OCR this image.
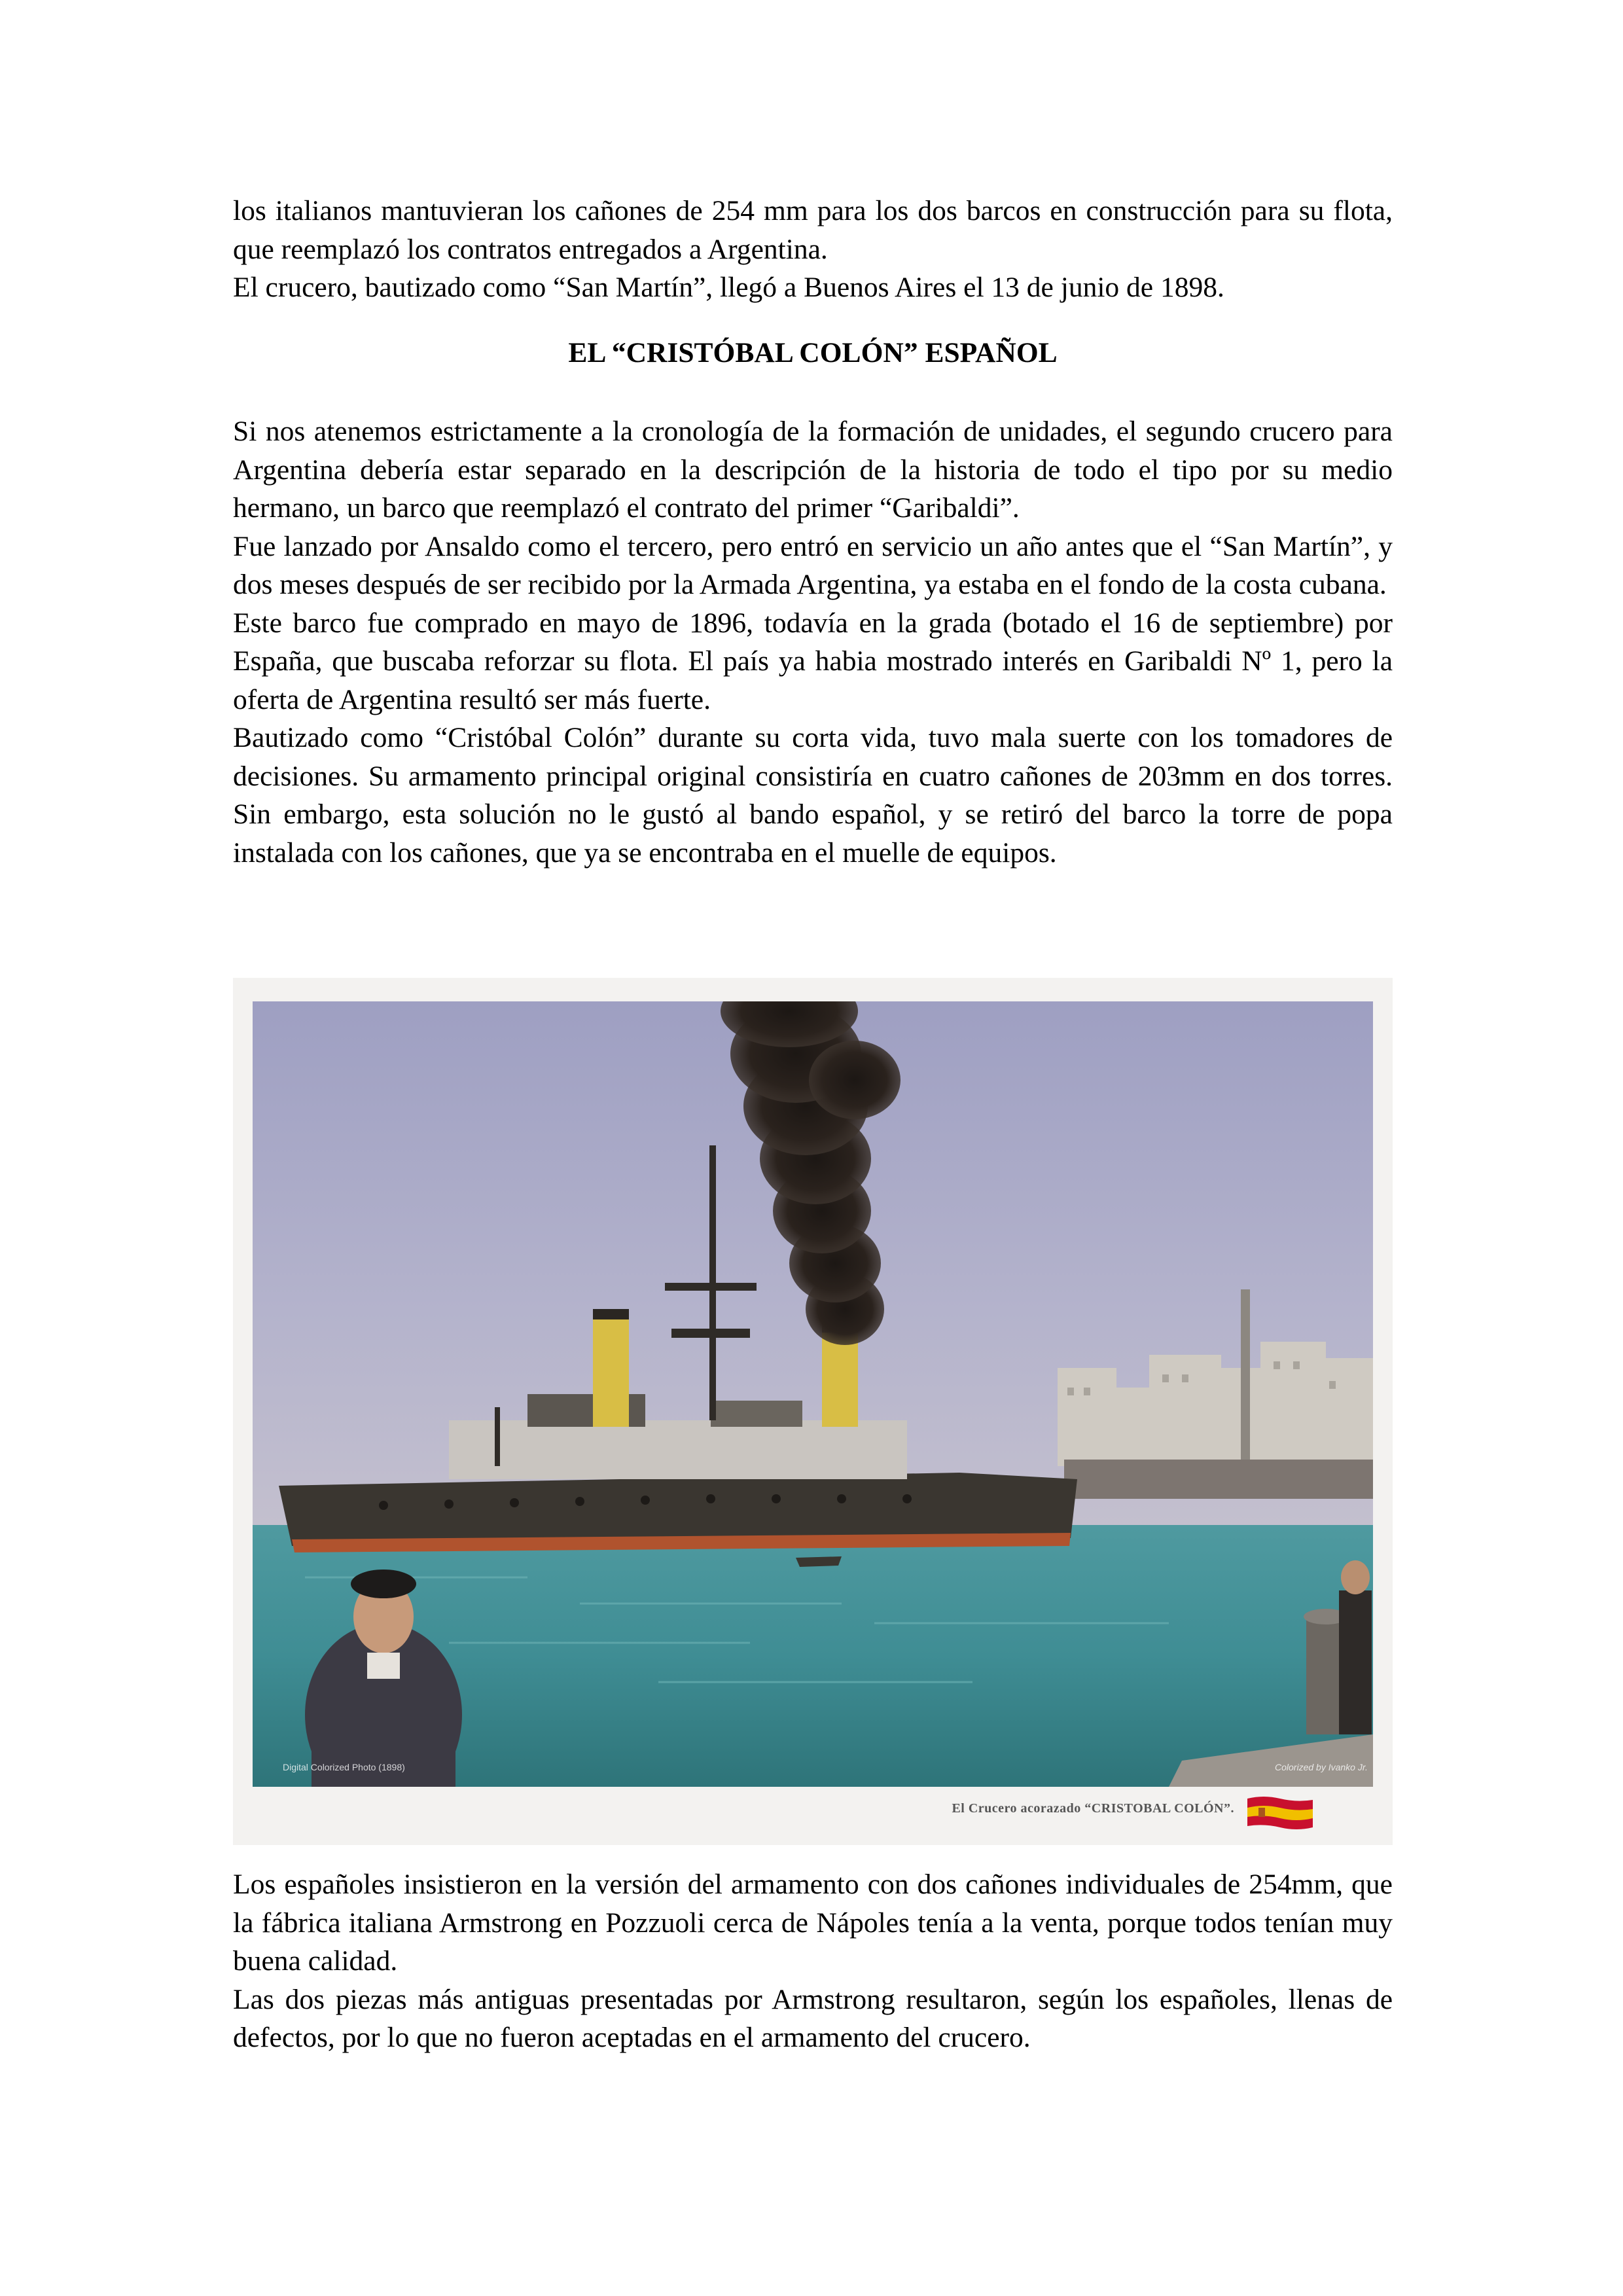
los italianos mantuvieran los cañones de 254 mm para los dos barcos en construcción para su flota, que reemplazó los contratos entregados a Argentina.

El crucero, bautizado como “San Martín”, llegó a Buenos Aires el 13 de junio de 1898.

EL “CRISTÓBAL COLÓN” ESPAÑOL

Si nos atenemos estrictamente a la cronología de la formación de unidades, el segundo crucero para Argentina debería estar separado en la descripción de la historia de todo el tipo por su medio hermano, un barco que reemplazó el contrato del primer “Garibaldi”.

Fue lanzado por Ansaldo como el tercero, pero entró en servicio un año antes que el “San Martín”, y dos meses después de ser recibido por la Armada Argentina, ya estaba en el fondo de la costa cubana.

Este barco fue comprado en mayo de 1896, todavía en la grada (botado el 16 de septiembre) por España, que buscaba reforzar su flota. El país ya habia mostrado interés en Garibaldi Nº 1, pero la oferta de Argentina resultó ser más fuerte.

Bautizado como “Cristóbal Colón” durante su corta vida, tuvo mala suerte con los tomadores de decisiones. Su armamento principal original consistiría en cuatro cañones de 203mm en dos torres. Sin embargo, esta solución no le gustó al bando español, y se retiró del barco la torre de popa instalada con los cañones, que ya se encontraba en el muelle de equipos.

Digital Colorized Photo (1898)	Colorized by Ivanko Jr.
El Crucero acorazado “CRISTOBAL COLÓN”.

Los españoles insistieron en la versión del armamento con dos cañones individuales de 254mm, que la fábrica italiana Armstrong en Pozzuoli cerca de Nápoles tenía a la venta, porque todos tenían muy buena calidad.

Las dos piezas más antiguas presentadas por Armstrong resultaron, según los españoles, llenas de defectos, por lo que no fueron aceptadas en el armamento del crucero.
